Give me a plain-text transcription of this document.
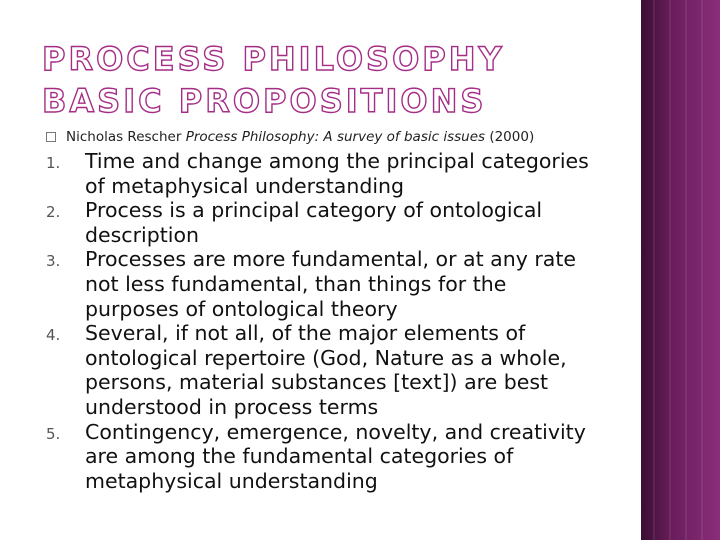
PROCESS PHILOSOPHY BASIC PROPOSITIONS
Nicholas Rescher Process Philosophy: A survey of basic issues (2000)
1. Time and change among the principal categories of metaphysical understanding
2. Process is a principal category of ontological description
3. Processes are more fundamental, or at any rate not less fundamental, than things for the purposes of ontological theory
4. Several, if not all, of the major elements of ontological repertoire (God, Nature as a whole, persons, material substances [text]) are best understood in process terms
5. Contingency, emergence, novelty, and creativity are among the fundamental categories of metaphysical understanding
